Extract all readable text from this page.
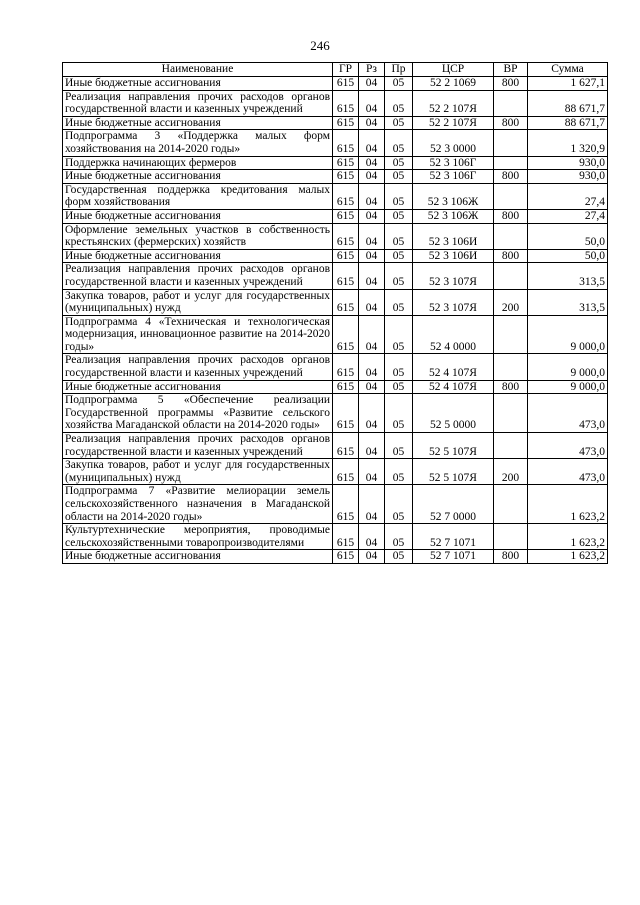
246
Наименование	ГР	Рз	Пр	ЦСР	ВР	Сумма
Иные бюджетные ассигнования	615	04	05	52 2 1069	800	1 627,1
Реализация направления прочих расходов органов государственной власти и казенных учреждений	615	04	05	52 2 107Я		88 671,7
Иные бюджетные ассигнования	615	04	05	52 2 107Я	800	88 671,7
Подпрограмма 3 «Поддержка малых форм хозяйствования на 2014-2020 годы»	615	04	05	52 3 0000		1 320,9
Поддержка начинающих фермеров	615	04	05	52 3 106Г		930,0
Иные бюджетные ассигнования	615	04	05	52 3 106Г	800	930,0
Государственная поддержка кредитования малых форм хозяйствования	615	04	05	52 3 106Ж		27,4
Иные бюджетные ассигнования	615	04	05	52 3 106Ж	800	27,4
Оформление земельных участков в собственность крестьянских (фермерских) хозяйств	615	04	05	52 3 106И		50,0
Иные бюджетные ассигнования	615	04	05	52 3 106И	800	50,0
Реализация направления прочих расходов органов государственной власти и казенных учреждений	615	04	05	52 3 107Я		313,5
Закупка товаров, работ и услуг для государственных (муниципальных) нужд	615	04	05	52 3 107Я	200	313,5
Подпрограмма 4 «Техническая и технологическая модернизация, инновационное развитие на 2014-2020 годы»	615	04	05	52 4 0000		9 000,0
Реализация направления прочих расходов органов государственной власти и казенных учреждений	615	04	05	52 4 107Я		9 000,0
Иные бюджетные ассигнования	615	04	05	52 4 107Я	800	9 000,0
Подпрограмма 5 «Обеспечение реализации Государственной программы «Развитие сельского хозяйства Магаданской области на 2014-2020 годы»	615	04	05	52 5 0000		473,0
Реализация направления прочих расходов органов государственной власти и казенных учреждений	615	04	05	52 5 107Я		473,0
Закупка товаров, работ и услуг для государственных (муниципальных) нужд	615	04	05	52 5 107Я	200	473,0
Подпрограмма 7 «Развитие мелиорации земель сельскохозяйственного назначения в Магаданской области на 2014-2020 годы»	615	04	05	52 7 0000		1 623,2
Культуртехнические мероприятия, проводимые сельскохозяйственными товаропроизводителями	615	04	05	52 7 1071		1 623,2
Иные бюджетные ассигнования	615	04	05	52 7 1071	800	1 623,2
